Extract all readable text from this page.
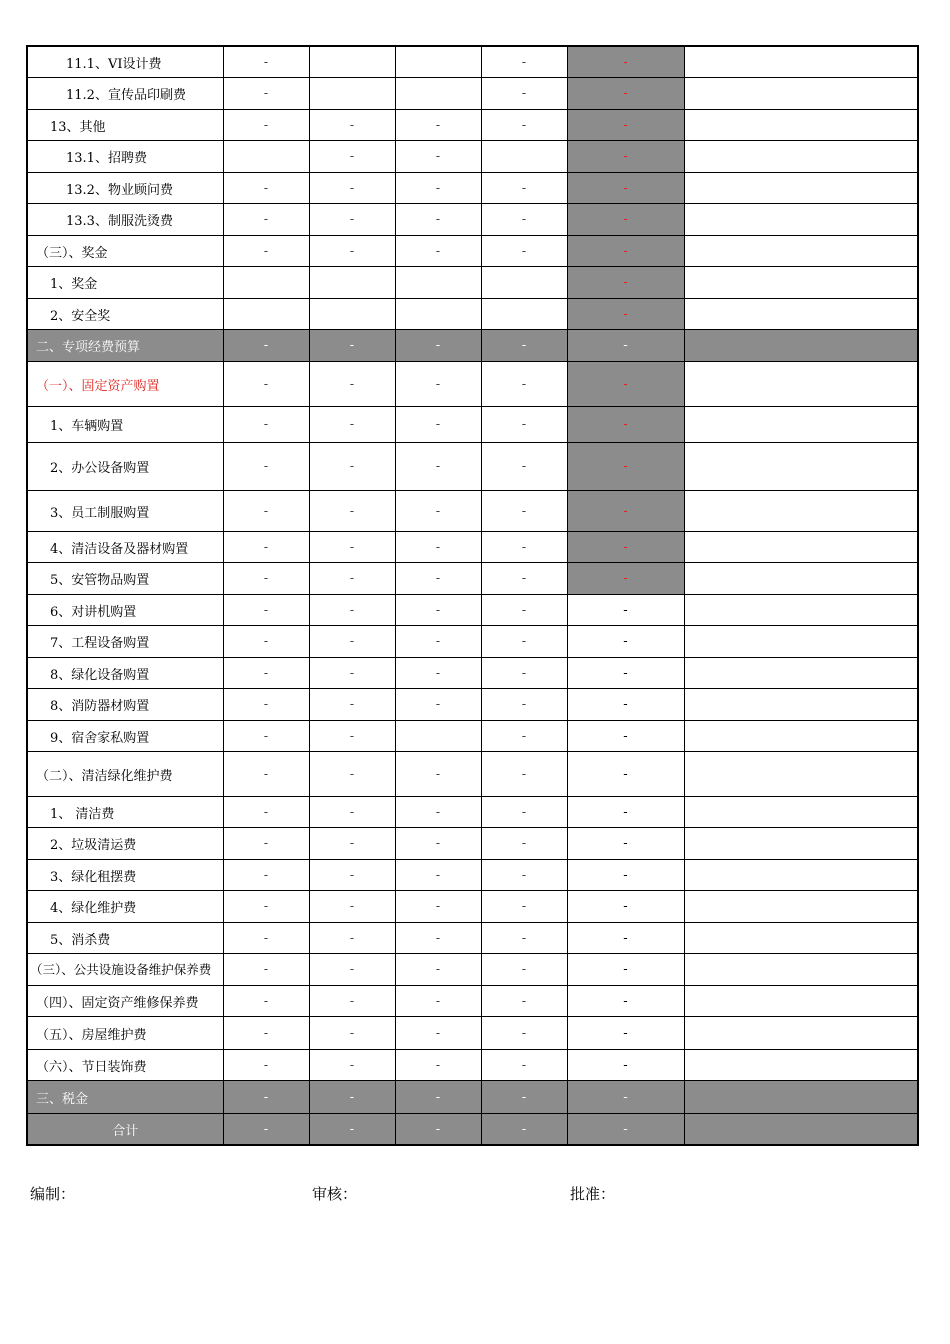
11.1、VI设计费	-			-	-	
11.2、宣传品印刷费	-			-	-	
13、其他	-	-	-	-	-	
13.1、招聘费		-	-		-	
13.2、物业顾问费	-	-	-	-	-	
13.3、制服洗烫费	-	-	-	-	-	
（三）、奖金	-	-	-	-	-	
1、奖金					-	
2、安全奖					-	
二、专项经费预算	-	-	-	-	-	
（一）、固定资产购置	-	-	-	-	-	
1、车辆购置	-	-	-	-	-	
2、办公设备购置	-	-	-	-	-	
3、员工制服购置	-	-	-	-	-	
4、清洁设备及器材购置	-	-	-	-	-	
5、安管物品购置	-	-	-	-	-	
6、对讲机购置	-	-	-	-	-	
7、工程设备购置	-	-	-	-	-	
8、绿化设备购置	-	-	-	-	-	
8、消防器材购置	-	-	-	-	-	
9、宿舍家私购置	-	-		-	-	
（二）、清洁绿化维护费	-	-	-	-	-	
1、 清洁费	-	-	-	-	-	
2、垃圾清运费	-	-	-	-	-	
3、绿化租摆费	-	-	-	-	-	
4、绿化维护费	-	-	-	-	-	
5、消杀费	-	-	-	-	-	
（三）、公共设施设备维护保养费	-	-	-	-	-	
（四）、固定资产维修保养费	-	-	-	-	-	
（五）、房屋维护费	-	-	-	-	-	
（六）、节日装饰费	-	-	-	-	-	
三、税金	-	-	-	-	-	
合计	-	-	-	-	-	
编制：	审核：	批准：
